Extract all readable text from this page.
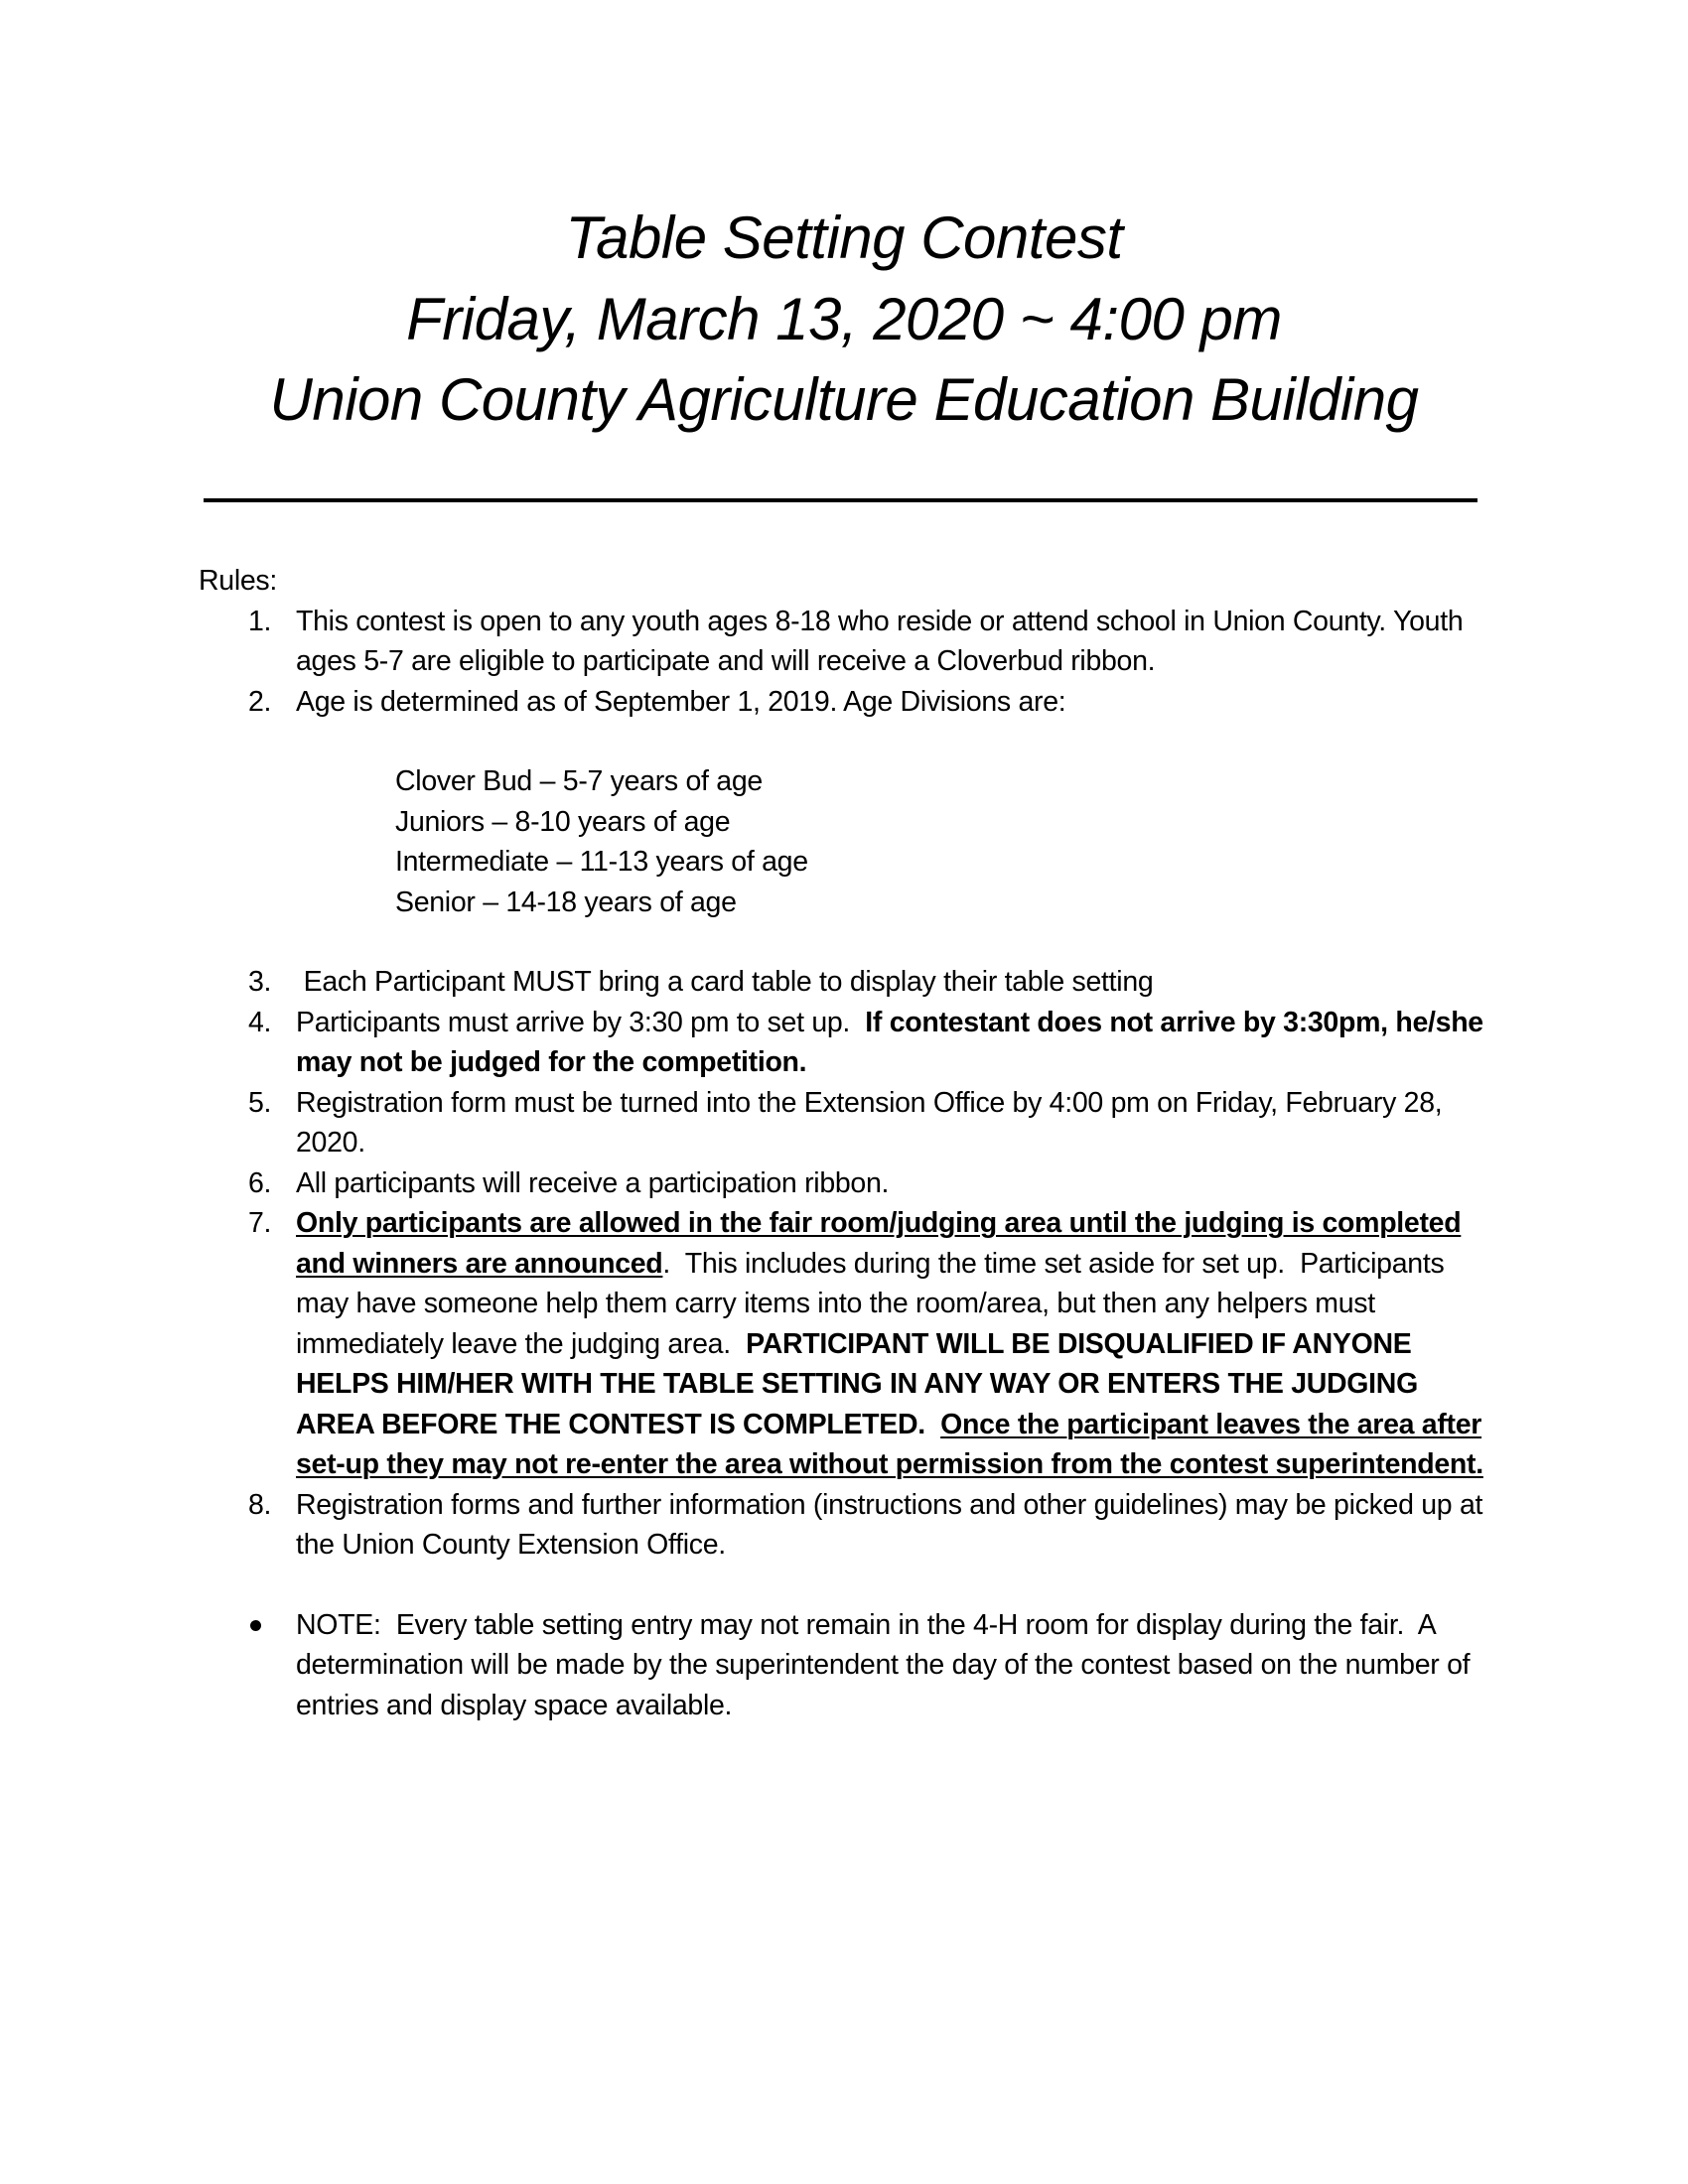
Table Setting Contest
Friday, March 13, 2020 ~ 4:00 pm
Union County Agriculture Education Building
Rules:
1. This contest is open to any youth ages 8-18 who reside or attend school in Union County. Youth ages 5-7 are eligible to participate and will receive a Cloverbud ribbon.
2. Age is determined as of September 1, 2019. Age Divisions are:
Clover Bud – 5-7 years of age
Juniors – 8-10 years of age
Intermediate – 11-13 years of age
Senior – 14-18 years of age
3. Each Participant MUST bring a card table to display their table setting
4. Participants must arrive by 3:30 pm to set up.  If contestant does not arrive by 3:30pm, he/she may not be judged for the competition.
5. Registration form must be turned into the Extension Office by 4:00 pm on Friday, February 28, 2020.
6. All participants will receive a participation ribbon.
7. Only participants are allowed in the fair room/judging area until the judging is completed and winners are announced.  This includes during the time set aside for set up.  Participants may have someone help them carry items into the room/area, but then any helpers must immediately leave the judging area.  PARTICIPANT WILL BE DISQUALIFIED IF ANYONE HELPS HIM/HER WITH THE TABLE SETTING IN ANY WAY OR ENTERS THE JUDGING AREA BEFORE THE CONTEST IS COMPLETED.  Once the participant leaves the area after set-up they may not re-enter the area without permission from the contest superintendent.
8. Registration forms and further information (instructions and other guidelines) may be picked up at the Union County Extension Office.
NOTE:  Every table setting entry may not remain in the 4-H room for display during the fair.  A determination will be made by the superintendent the day of the contest based on the number of entries and display space available.
